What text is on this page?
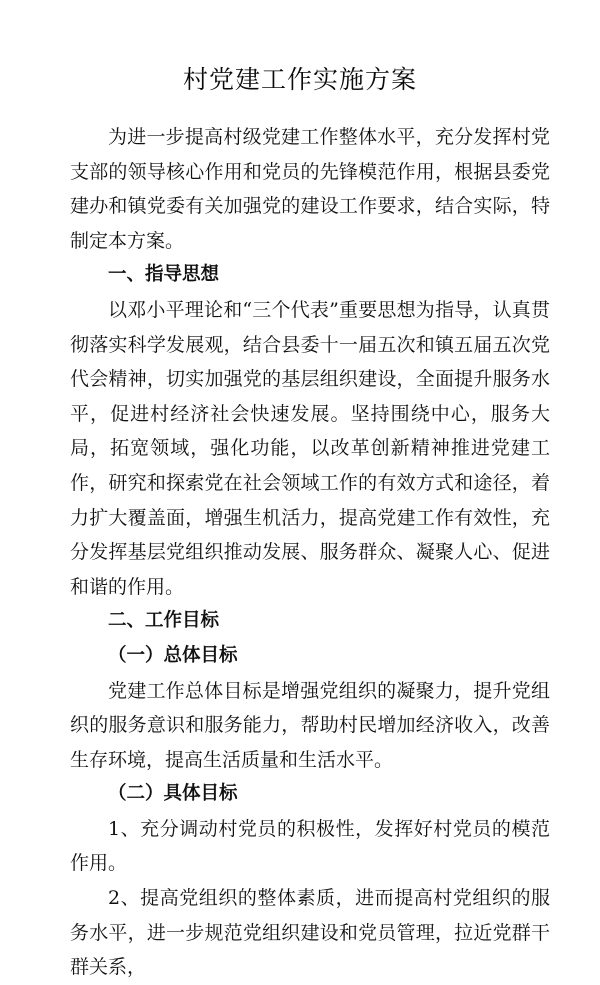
村党建工作实施方案

为进一步提高村级党建工作整体水平，充分发挥村党支部的领导核心作用和党员的先锋模范作用，根据县委党建办和镇党委有关加强党的建设工作要求，结合实际，特制定本方案。

一、指导思想

以邓小平理论和“三个代表”重要思想为指导，认真贯彻落实科学发展观，结合县委十一届五次和镇五届五次党代会精神，切实加强党的基层组织建设，全面提升服务水平，促进村经济社会快速发展。坚持围绕中心，服务大局，拓宽领域，强化功能，以改革创新精神推进党建工作，研究和探索党在社会领域工作的有效方式和途径，着力扩大覆盖面，增强生机活力，提高党建工作有效性，充分发挥基层党组织推动发展、服务群众、凝聚人心、促进和谐的作用。

二、工作目标

（一）总体目标

党建工作总体目标是增强党组织的凝聚力，提升党组织的服务意识和服务能力，帮助村民增加经济收入，改善生存环境，提高生活质量和生活水平。

（二）具体目标

1、充分调动村党员的积极性，发挥好村党员的模范作用。

2、提高党组织的整体素质，进而提高村党组织的服务水平，进一步规范党组织建设和党员管理，拉近党群干群关系，
